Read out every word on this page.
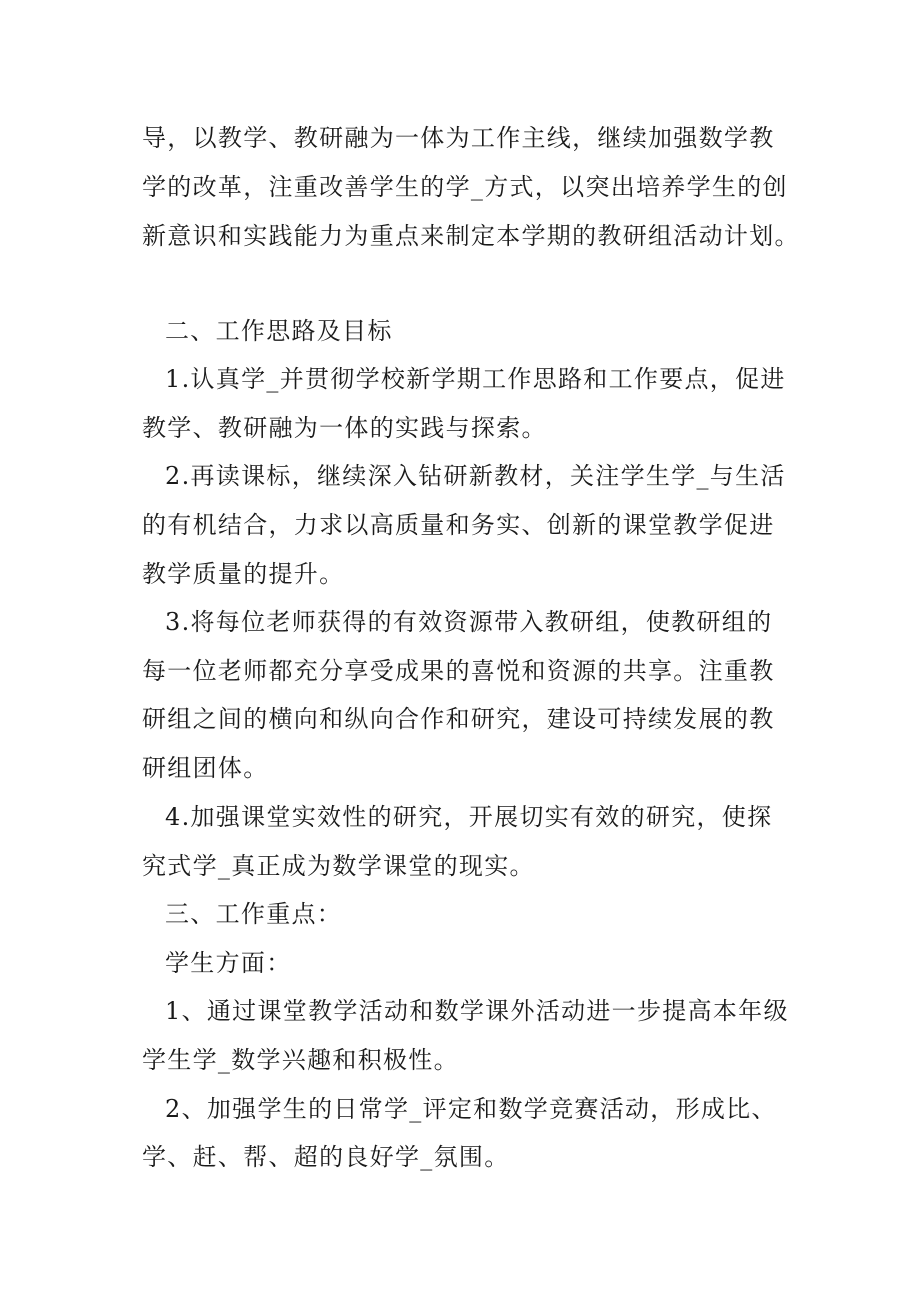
导，以教学、教研融为一体为工作主线，继续加强数学教
学的改革，注重改善学生的学_方式，以突出培养学生的创
新意识和实践能力为重点来制定本学期的教研组活动计划。
二、工作思路及目标
1.认真学_并贯彻学校新学期工作思路和工作要点，促进
教学、教研融为一体的实践与探索。
2.再读课标，继续深入钻研新教材，关注学生学_与生活
的有机结合，力求以高质量和务实、创新的课堂教学促进
教学质量的提升。
3.将每位老师获得的有效资源带入教研组，使教研组的
每一位老师都充分享受成果的喜悦和资源的共享。注重教
研组之间的横向和纵向合作和研究，建设可持续发展的教
研组团体。
4.加强课堂实效性的研究，开展切实有效的研究，使探
究式学_真正成为数学课堂的现实。
三、工作重点：
学生方面：
1、通过课堂教学活动和数学课外活动进一步提高本年级
学生学_数学兴趣和积极性。
2、加强学生的日常学_评定和数学竞赛活动，形成比、
学、赶、帮、超的良好学_氛围。
